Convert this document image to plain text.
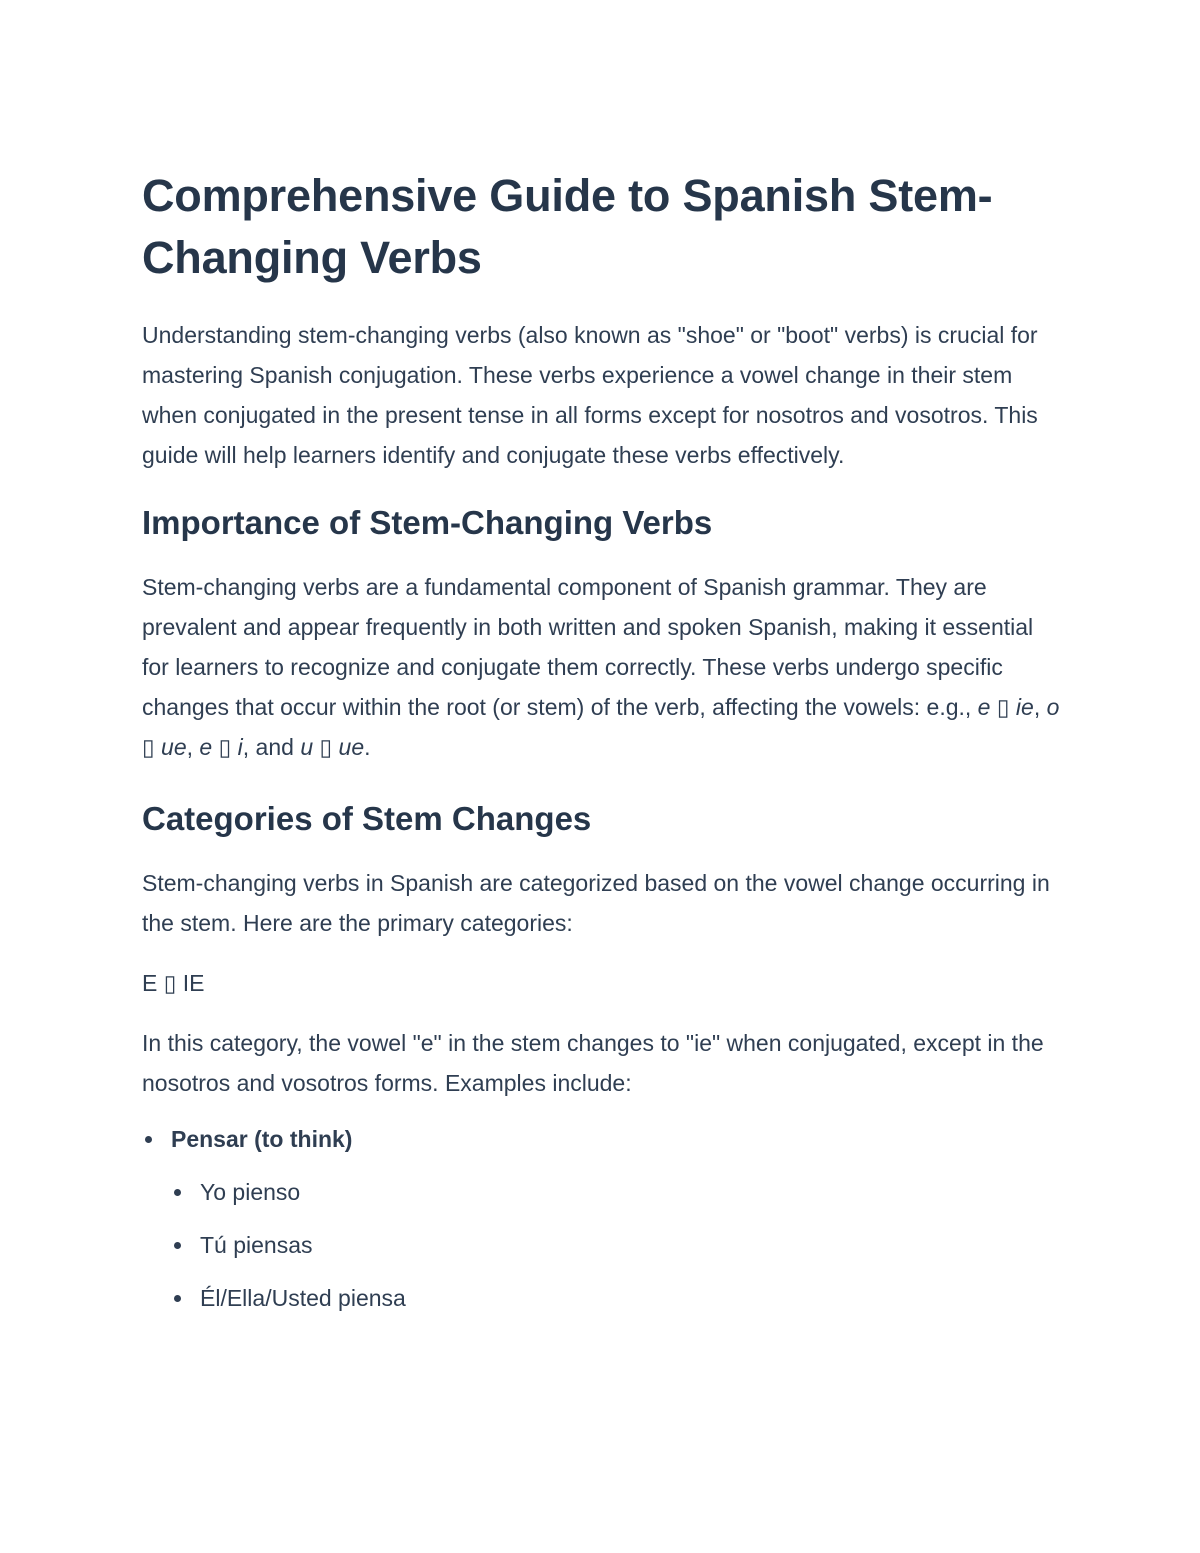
Comprehensive Guide to Spanish Stem-Changing Verbs

Understanding stem-changing verbs (also known as "shoe" or "boot" verbs) is crucial for mastering Spanish conjugation. These verbs experience a vowel change in their stem when conjugated in the present tense in all forms except for nosotros and vosotros. This guide will help learners identify and conjugate these verbs effectively.

Importance of Stem-Changing Verbs

Stem-changing verbs are a fundamental component of Spanish grammar. They are prevalent and appear frequently in both written and spoken Spanish, making it essential for learners to recognize and conjugate them correctly. These verbs undergo specific changes that occur within the root (or stem) of the verb, affecting the vowels: e.g., e ▯ ie, o ▯ ue, e ▯ i, and u ▯ ue.

Categories of Stem Changes

Stem-changing verbs in Spanish are categorized based on the vowel change occurring in the stem. Here are the primary categories:

E ▯ IE

In this category, the vowel "e" in the stem changes to "ie" when conjugated, except in the nosotros and vosotros forms. Examples include:

Pensar (to think)
Yo pienso
Tú piensas
Él/Ella/Usted piensa
